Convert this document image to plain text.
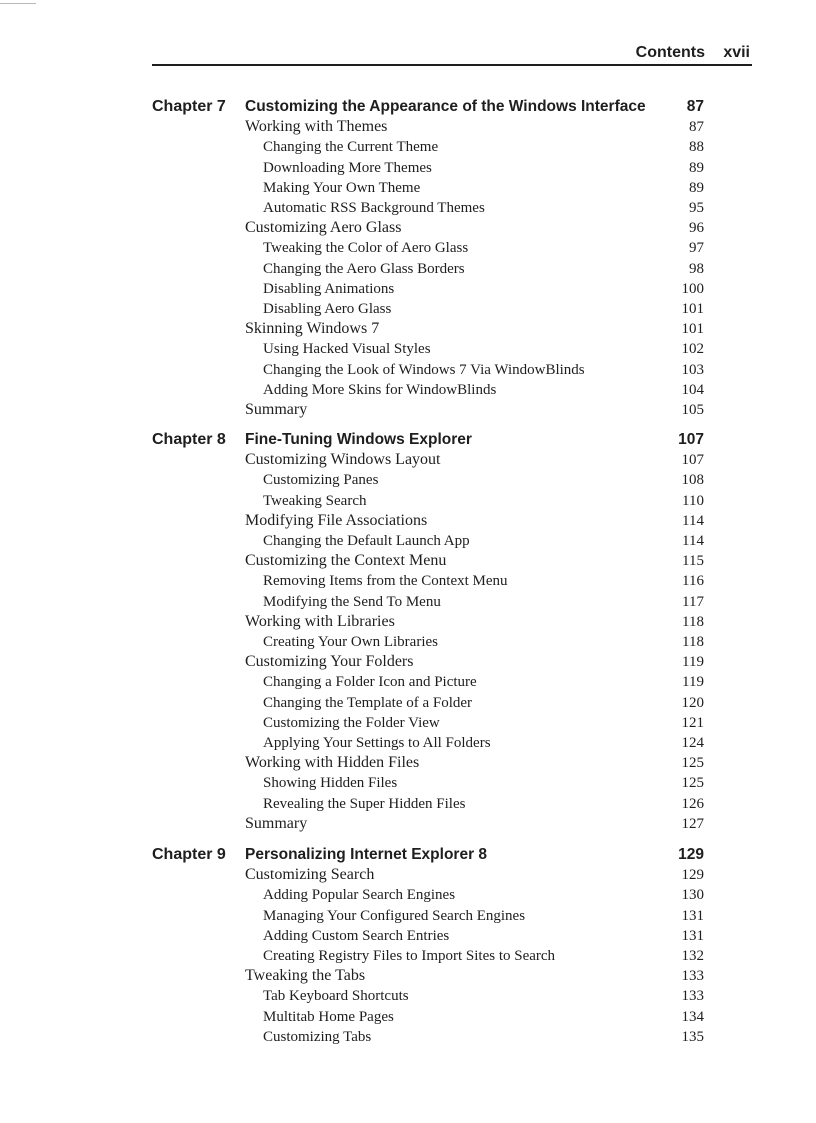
Contents xvii
Chapter 7 Customizing the Appearance of the Windows Interface	87
Working with Themes	87
Changing the Current Theme	88
Downloading More Themes	89
Making Your Own Theme	89
Automatic RSS Background Themes	95
Customizing Aero Glass	96
Tweaking the Color of Aero Glass	97
Changing the Aero Glass Borders	98
Disabling Animations	100
Disabling Aero Glass	101
Skinning Windows 7	101
Using Hacked Visual Styles	102
Changing the Look of Windows 7 Via WindowBlinds	103
Adding More Skins for WindowBlinds	104
Summary	105
Chapter 8 Fine-Tuning Windows Explorer	107
Customizing Windows Layout	107
Customizing Panes	108
Tweaking Search	110
Modifying File Associations	114
Changing the Default Launch App	114
Customizing the Context Menu	115
Removing Items from the Context Menu	116
Modifying the Send To Menu	117
Working with Libraries	118
Creating Your Own Libraries	118
Customizing Your Folders	119
Changing a Folder Icon and Picture	119
Changing the Template of a Folder	120
Customizing the Folder View	121
Applying Your Settings to All Folders	124
Working with Hidden Files	125
Showing Hidden Files	125
Revealing the Super Hidden Files	126
Summary	127
Chapter 9 Personalizing Internet Explorer 8	129
Customizing Search	129
Adding Popular Search Engines	130
Managing Your Configured Search Engines	131
Adding Custom Search Entries	131
Creating Registry Files to Import Sites to Search	132
Tweaking the Tabs	133
Tab Keyboard Shortcuts	133
Multitab Home Pages	134
Customizing Tabs	135
